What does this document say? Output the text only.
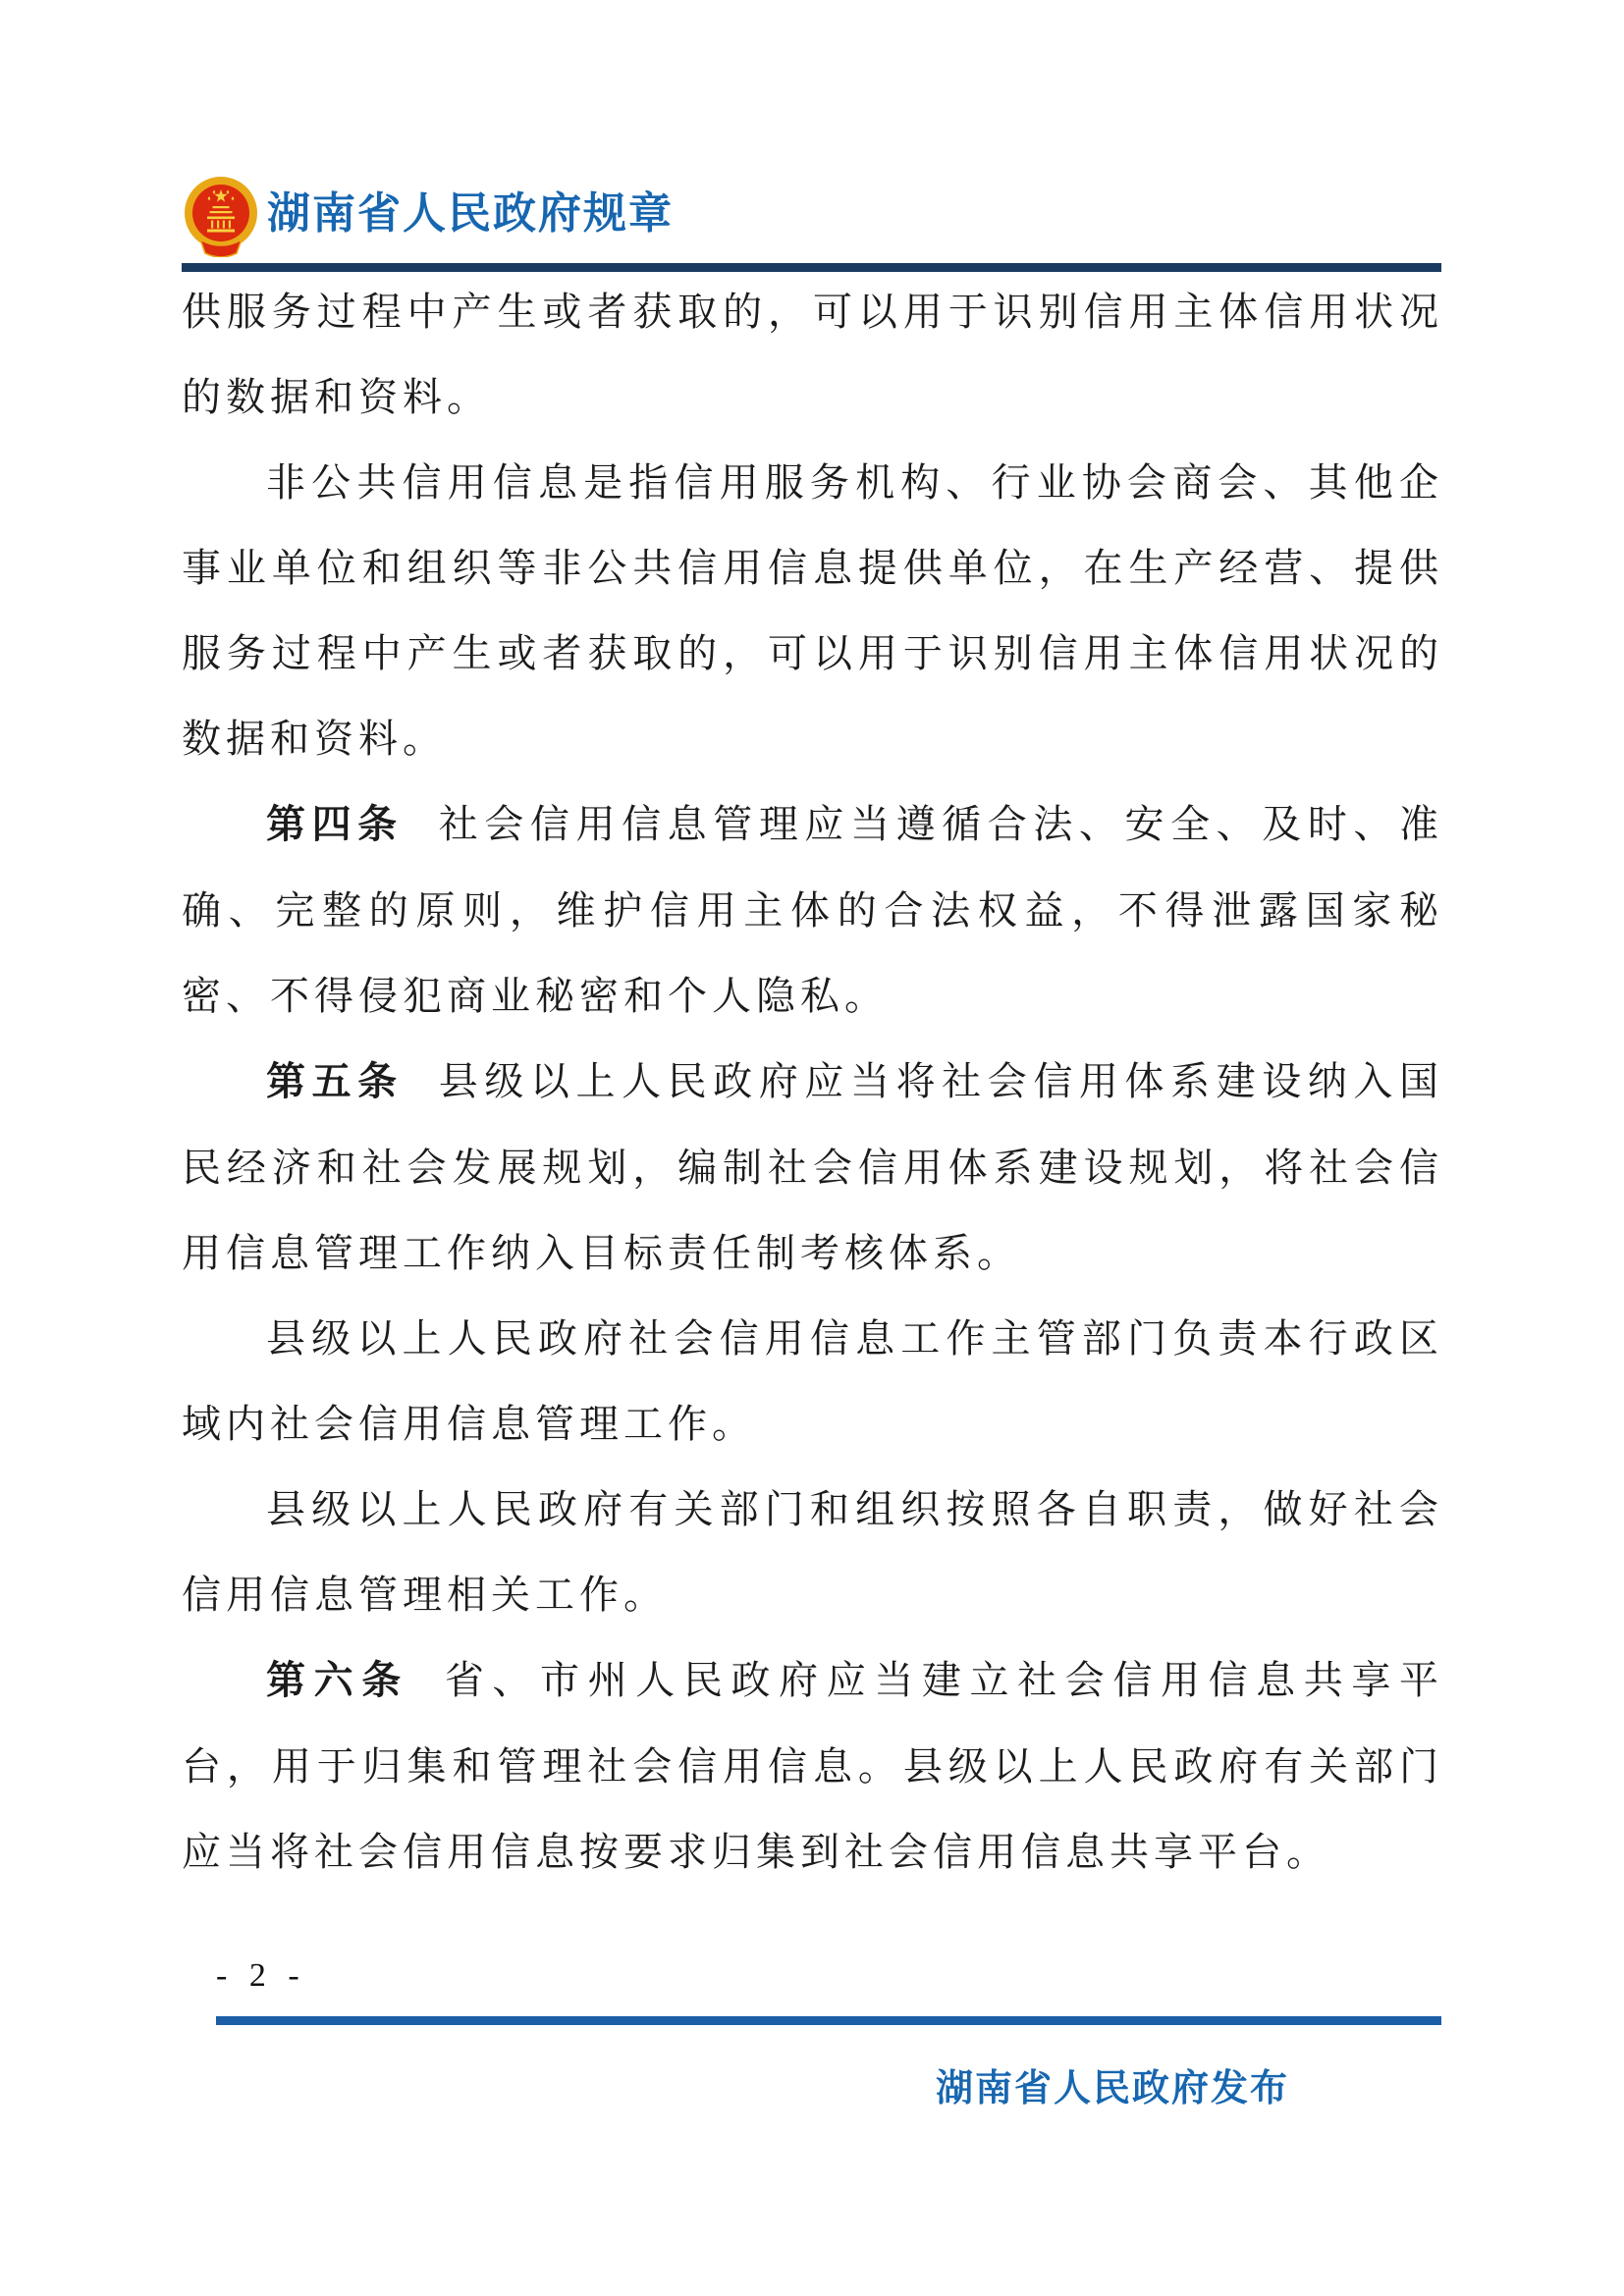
湖南省人民政府规章

供服务过程中产生或者获取的，可以用于识别信用主体信用状况的数据和资料。

非公共信用信息是指信用服务机构、行业协会商会、其他企事业单位和组织等非公共信用信息提供单位，在生产经营、提供服务过程中产生或者获取的，可以用于识别信用主体信用状况的数据和资料。

第四条 社会信用信息管理应当遵循合法、安全、及时、准确、完整的原则，维护信用主体的合法权益，不得泄露国家秘密、不得侵犯商业秘密和个人隐私。

第五条 县级以上人民政府应当将社会信用体系建设纳入国民经济和社会发展规划，编制社会信用体系建设规划，将社会信用信息管理工作纳入目标责任制考核体系。

县级以上人民政府社会信用信息工作主管部门负责本行政区域内社会信用信息管理工作。

县级以上人民政府有关部门和组织按照各自职责，做好社会信用信息管理相关工作。

第六条 省、市州人民政府应当建立社会信用信息共享平台，用于归集和管理社会信用信息。县级以上人民政府有关部门应当将社会信用信息按要求归集到社会信用信息共享平台。

- 2 -
湖南省人民政府发布
